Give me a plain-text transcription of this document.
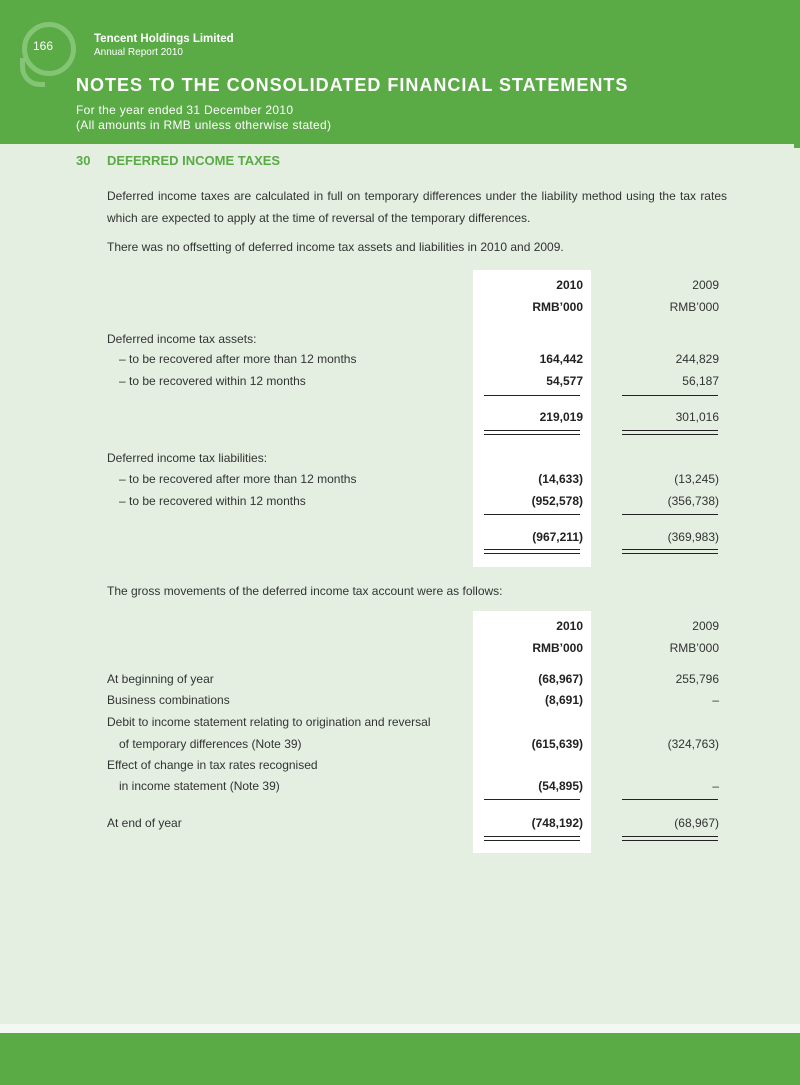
166	Tencent Holdings Limited
Annual Report 2010
NOTES TO THE CONSOLIDATED FINANCIAL STATEMENTS
For the year ended 31 December 2010
(All amounts in RMB unless otherwise stated)
30 DEFERRED INCOME TAXES
Deferred income taxes are calculated in full on temporary differences under the liability method using the tax rates which are expected to apply at the time of reversal of the temporary differences.
There was no offsetting of deferred income tax assets and liabilities in 2010 and 2009.
2010	2009
RMB’000	RMB’000
Deferred income tax assets:
– to be recovered after more than 12 months	164,442	244,829
– to be recovered within 12 months	54,577	56,187
219,019	301,016
Deferred income tax liabilities:
– to be recovered after more than 12 months	(14,633)	(13,245)
– to be recovered within 12 months	(952,578)	(356,738)
(967,211)	(369,983)
The gross movements of the deferred income tax account were as follows:
2010	2009
RMB’000	RMB’000
At beginning of year	(68,967)	255,796
Business combinations	(8,691)	–
Debit to income statement relating to origination and reversal
of temporary differences (Note 39)	(615,639)	(324,763)
Effect of change in tax rates recognised
in income statement (Note 39)	(54,895)	–
At end of year	(748,192)	(68,967)
